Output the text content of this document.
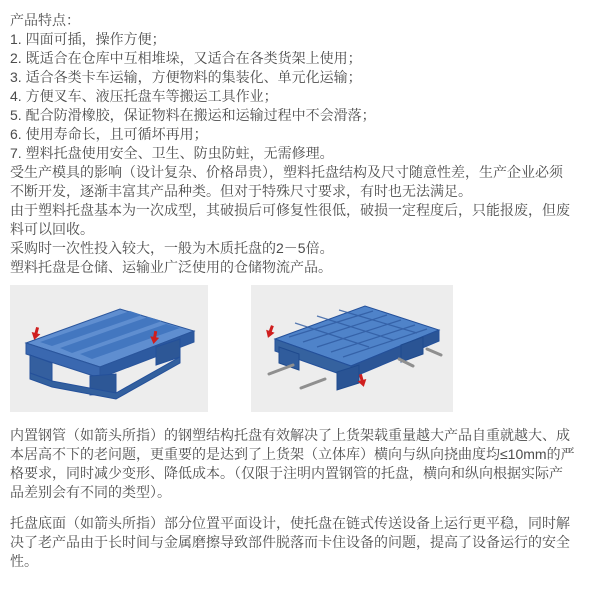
产品特点：
1. 四面可插，操作方便；
2. 既适合在仓库中互相堆垛，又适合在各类货架上使用；
3. 适合各类卡车运输，方便物料的集装化、单元化运输；
4. 方便叉车、液压托盘车等搬运工具作业；
5. 配合防滑橡胶，保证物料在搬运和运输过程中不会滑落；
6. 使用寿命长，且可循坏再用；
7. 塑料托盘使用安全、卫生、防虫防蛀，无需修理。

受生产模具的影响（设计复杂、价格昂贵），塑料托盘结构及尺寸随意性差，生产企业必须不断开发，逐渐丰富其产品种类。但对于特殊尺寸要求，有时也无法满足。

由于塑料托盘基本为一次成型，其破损后可修复性很低，破损一定程度后，只能报废，但废料可以回收。

采购时一次性投入较大，一般为木质托盘的2－5倍。

塑料托盘是仓储、运输业广泛使用的仓储物流产品。

内置钢管（如箭头所指）的钢塑结构托盘有效解决了上货架载重量越大产品自重就越大、成本居高不下的老问题，更重要的是达到了上货架（立体库）横向与纵向挠曲度均≤10mm的严格要求，同时减少变形、降低成本。（仅限于注明内置钢管的托盘，横向和纵向根据实际产品差别会有不同的类型）。

托盘底面（如箭头所指）部分位置平面设计，使托盘在链式传送设备上运行更平稳，同时解决了老产品由于长时间与金属磨擦导致部件脱落而卡住设备的问题，提高了设备运行的安全性。
